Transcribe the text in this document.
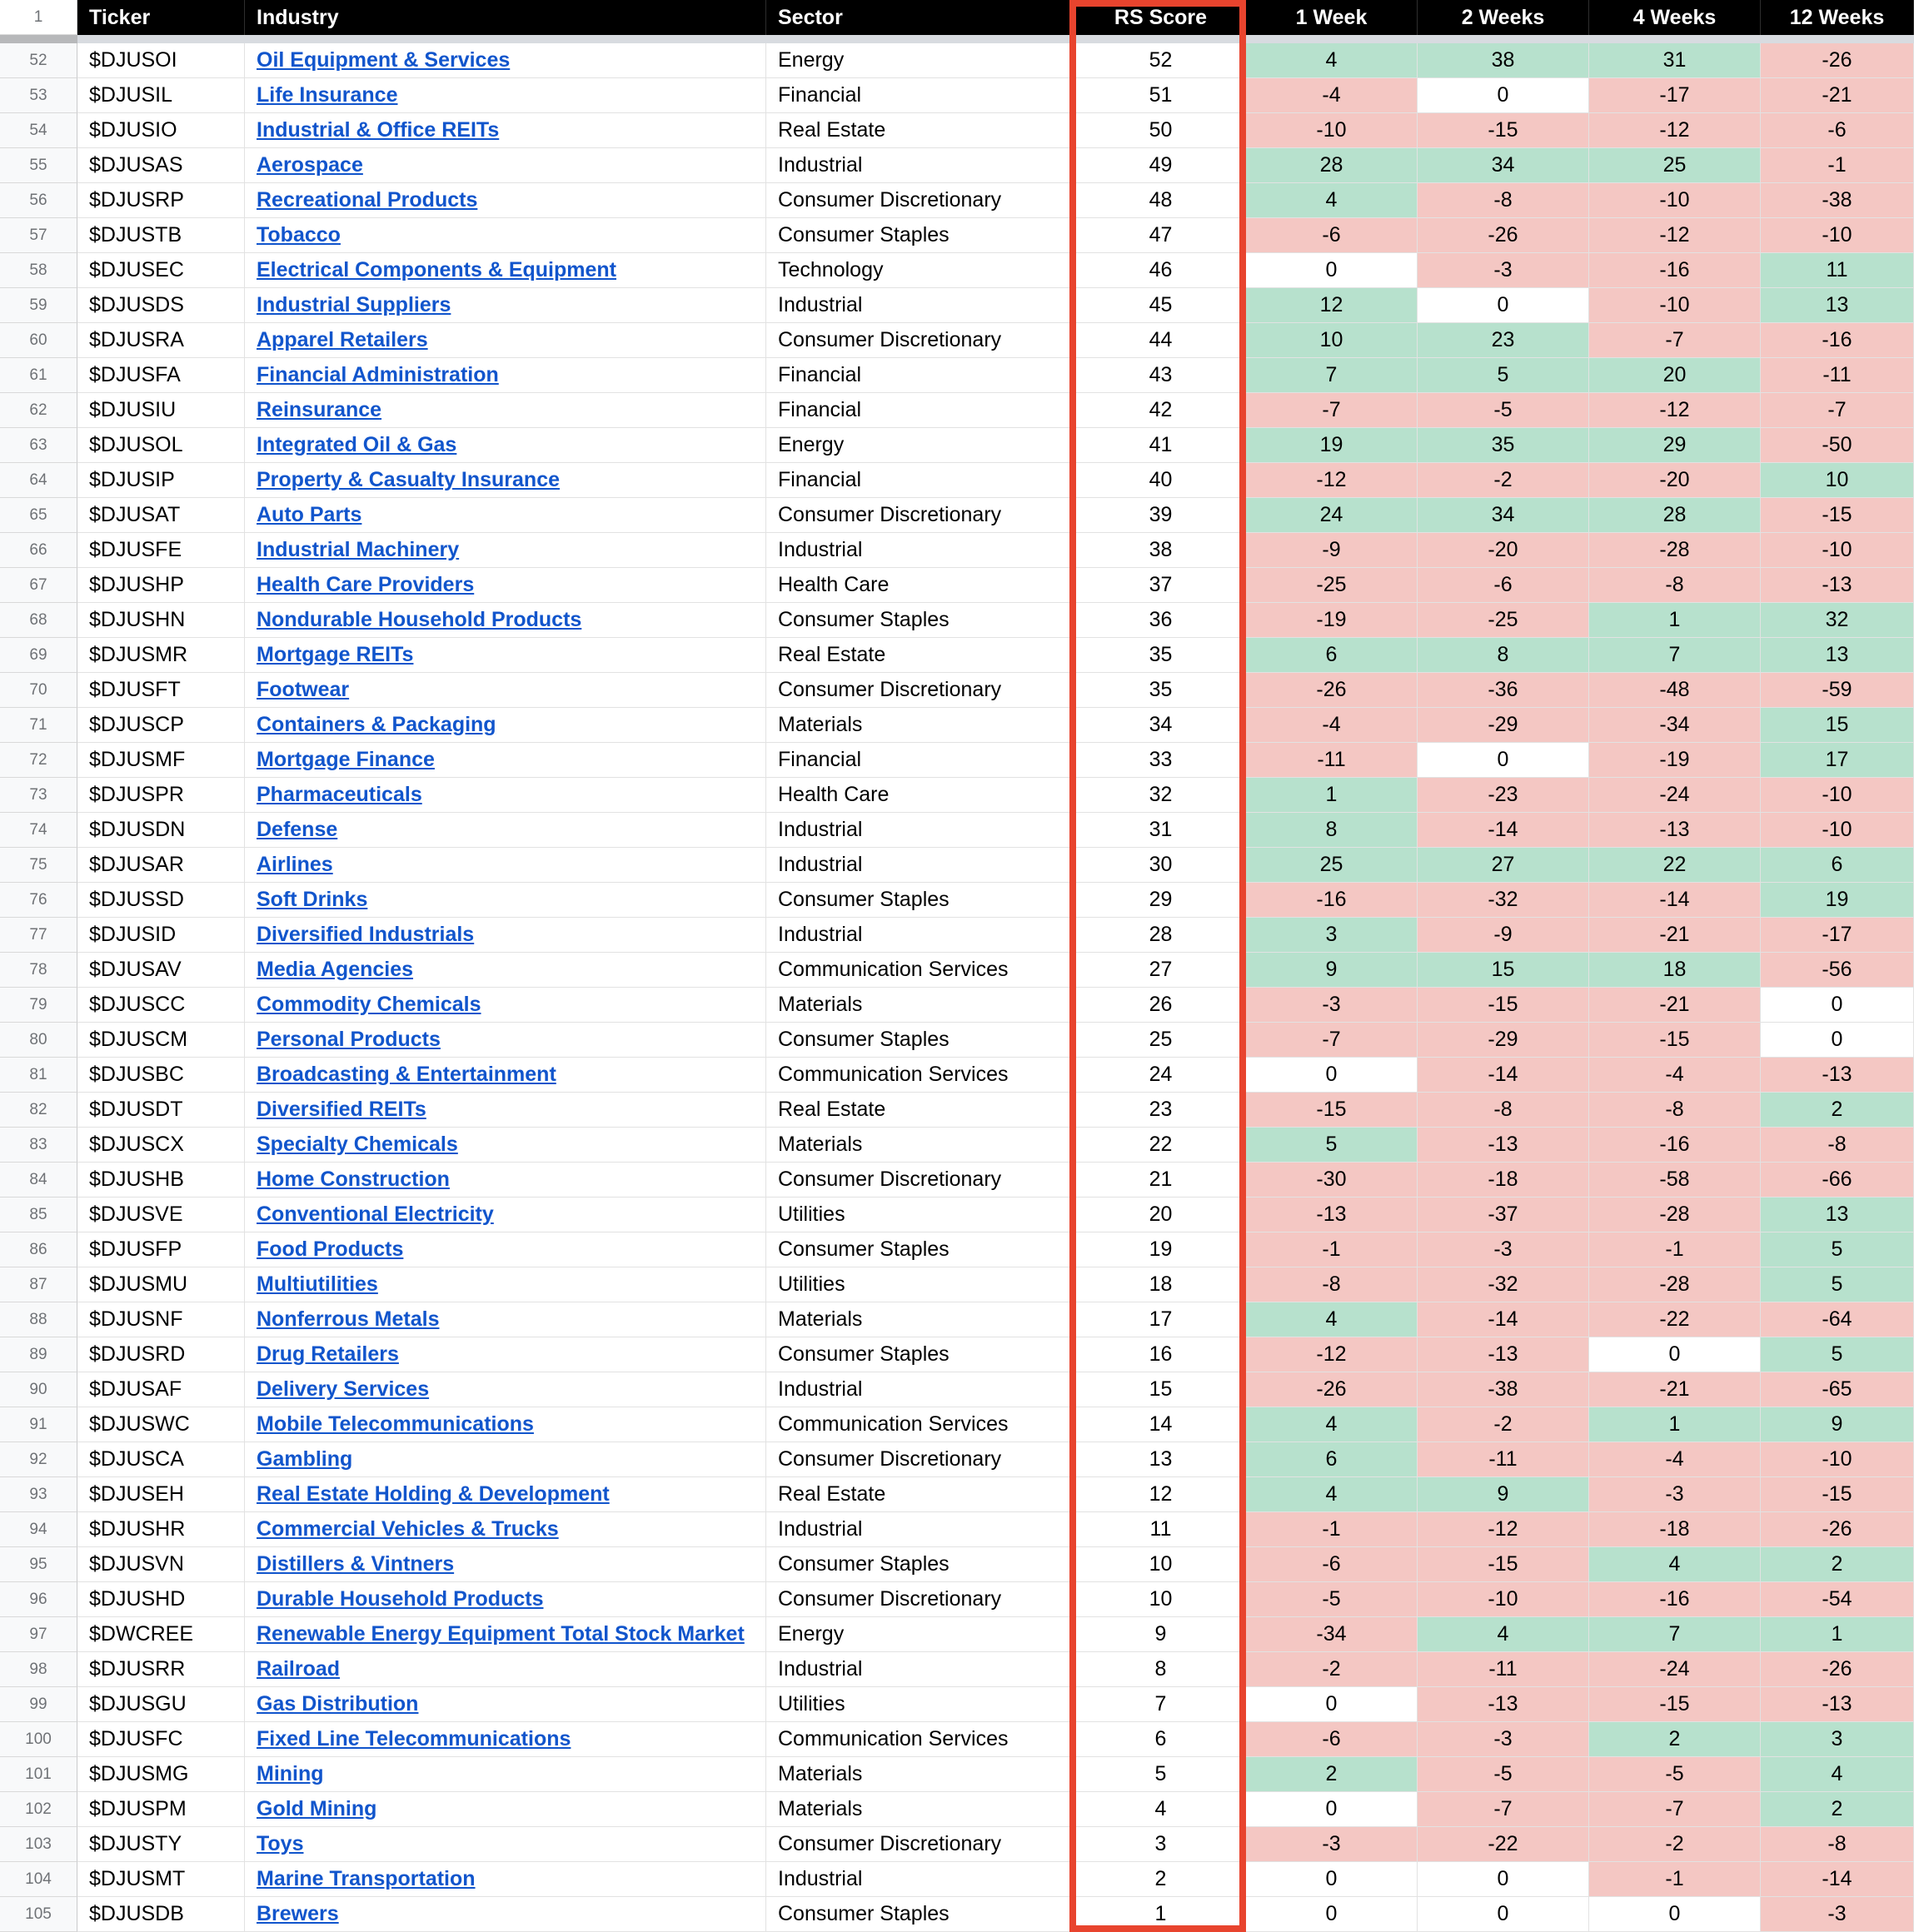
1	Ticker	Industry	Sector	RS Score	1 Week	2 Weeks	4 Weeks	12 Weeks
52	$DJUSOI	Oil Equipment & Services	Energy	52	4	38	31	-26
53	$DJUSIL	Life Insurance	Financial	51	-4	0	-17	-21
54	$DJUSIO	Industrial & Office REITs	Real Estate	50	-10	-15	-12	-6
55	$DJUSAS	Aerospace	Industrial	49	28	34	25	-1
56	$DJUSRP	Recreational Products	Consumer Discretionary	48	4	-8	-10	-38
57	$DJUSTB	Tobacco	Consumer Staples	47	-6	-26	-12	-10
58	$DJUSEC	Electrical Components & Equipment	Technology	46	0	-3	-16	11
59	$DJUSDS	Industrial Suppliers	Industrial	45	12	0	-10	13
60	$DJUSRA	Apparel Retailers	Consumer Discretionary	44	10	23	-7	-16
61	$DJUSFA	Financial Administration	Financial	43	7	5	20	-11
62	$DJUSIU	Reinsurance	Financial	42	-7	-5	-12	-7
63	$DJUSOL	Integrated Oil & Gas	Energy	41	19	35	29	-50
64	$DJUSIP	Property & Casualty Insurance	Financial	40	-12	-2	-20	10
65	$DJUSAT	Auto Parts	Consumer Discretionary	39	24	34	28	-15
66	$DJUSFE	Industrial Machinery	Industrial	38	-9	-20	-28	-10
67	$DJUSHP	Health Care Providers	Health Care	37	-25	-6	-8	-13
68	$DJUSHN	Nondurable Household Products	Consumer Staples	36	-19	-25	1	32
69	$DJUSMR	Mortgage REITs	Real Estate	35	6	8	7	13
70	$DJUSFT	Footwear	Consumer Discretionary	35	-26	-36	-48	-59
71	$DJUSCP	Containers & Packaging	Materials	34	-4	-29	-34	15
72	$DJUSMF	Mortgage Finance	Financial	33	-11	0	-19	17
73	$DJUSPR	Pharmaceuticals	Health Care	32	1	-23	-24	-10
74	$DJUSDN	Defense	Industrial	31	8	-14	-13	-10
75	$DJUSAR	Airlines	Industrial	30	25	27	22	6
76	$DJUSSD	Soft Drinks	Consumer Staples	29	-16	-32	-14	19
77	$DJUSID	Diversified Industrials	Industrial	28	3	-9	-21	-17
78	$DJUSAV	Media Agencies	Communication Services	27	9	15	18	-56
79	$DJUSCC	Commodity Chemicals	Materials	26	-3	-15	-21	0
80	$DJUSCM	Personal Products	Consumer Staples	25	-7	-29	-15	0
81	$DJUSBC	Broadcasting & Entertainment	Communication Services	24	0	-14	-4	-13
82	$DJUSDT	Diversified REITs	Real Estate	23	-15	-8	-8	2
83	$DJUSCX	Specialty Chemicals	Materials	22	5	-13	-16	-8
84	$DJUSHB	Home Construction	Consumer Discretionary	21	-30	-18	-58	-66
85	$DJUSVE	Conventional Electricity	Utilities	20	-13	-37	-28	13
86	$DJUSFP	Food Products	Consumer Staples	19	-1	-3	-1	5
87	$DJUSMU	Multiutilities	Utilities	18	-8	-32	-28	5
88	$DJUSNF	Nonferrous Metals	Materials	17	4	-14	-22	-64
89	$DJUSRD	Drug Retailers	Consumer Staples	16	-12	-13	0	5
90	$DJUSAF	Delivery Services	Industrial	15	-26	-38	-21	-65
91	$DJUSWC	Mobile Telecommunications	Communication Services	14	4	-2	1	9
92	$DJUSCA	Gambling	Consumer Discretionary	13	6	-11	-4	-10
93	$DJUSEH	Real Estate Holding & Development	Real Estate	12	4	9	-3	-15
94	$DJUSHR	Commercial Vehicles & Trucks	Industrial	11	-1	-12	-18	-26
95	$DJUSVN	Distillers & Vintners	Consumer Staples	10	-6	-15	4	2
96	$DJUSHD	Durable Household Products	Consumer Discretionary	10	-5	-10	-16	-54
97	$DWCREE	Renewable Energy Equipment Total Stock Market	Energy	9	-34	4	7	1
98	$DJUSRR	Railroad	Industrial	8	-2	-11	-24	-26
99	$DJUSGU	Gas Distribution	Utilities	7	0	-13	-15	-13
100	$DJUSFC	Fixed Line Telecommunications	Communication Services	6	-6	-3	2	3
101	$DJUSMG	Mining	Materials	5	2	-5	-5	4
102	$DJUSPM	Gold Mining	Materials	4	0	-7	-7	2
103	$DJUSTY	Toys	Consumer Discretionary	3	-3	-22	-2	-8
104	$DJUSMT	Marine Transportation	Industrial	2	0	0	-1	-14
105	$DJUSDB	Brewers	Consumer Staples	1	0	0	0	-3
